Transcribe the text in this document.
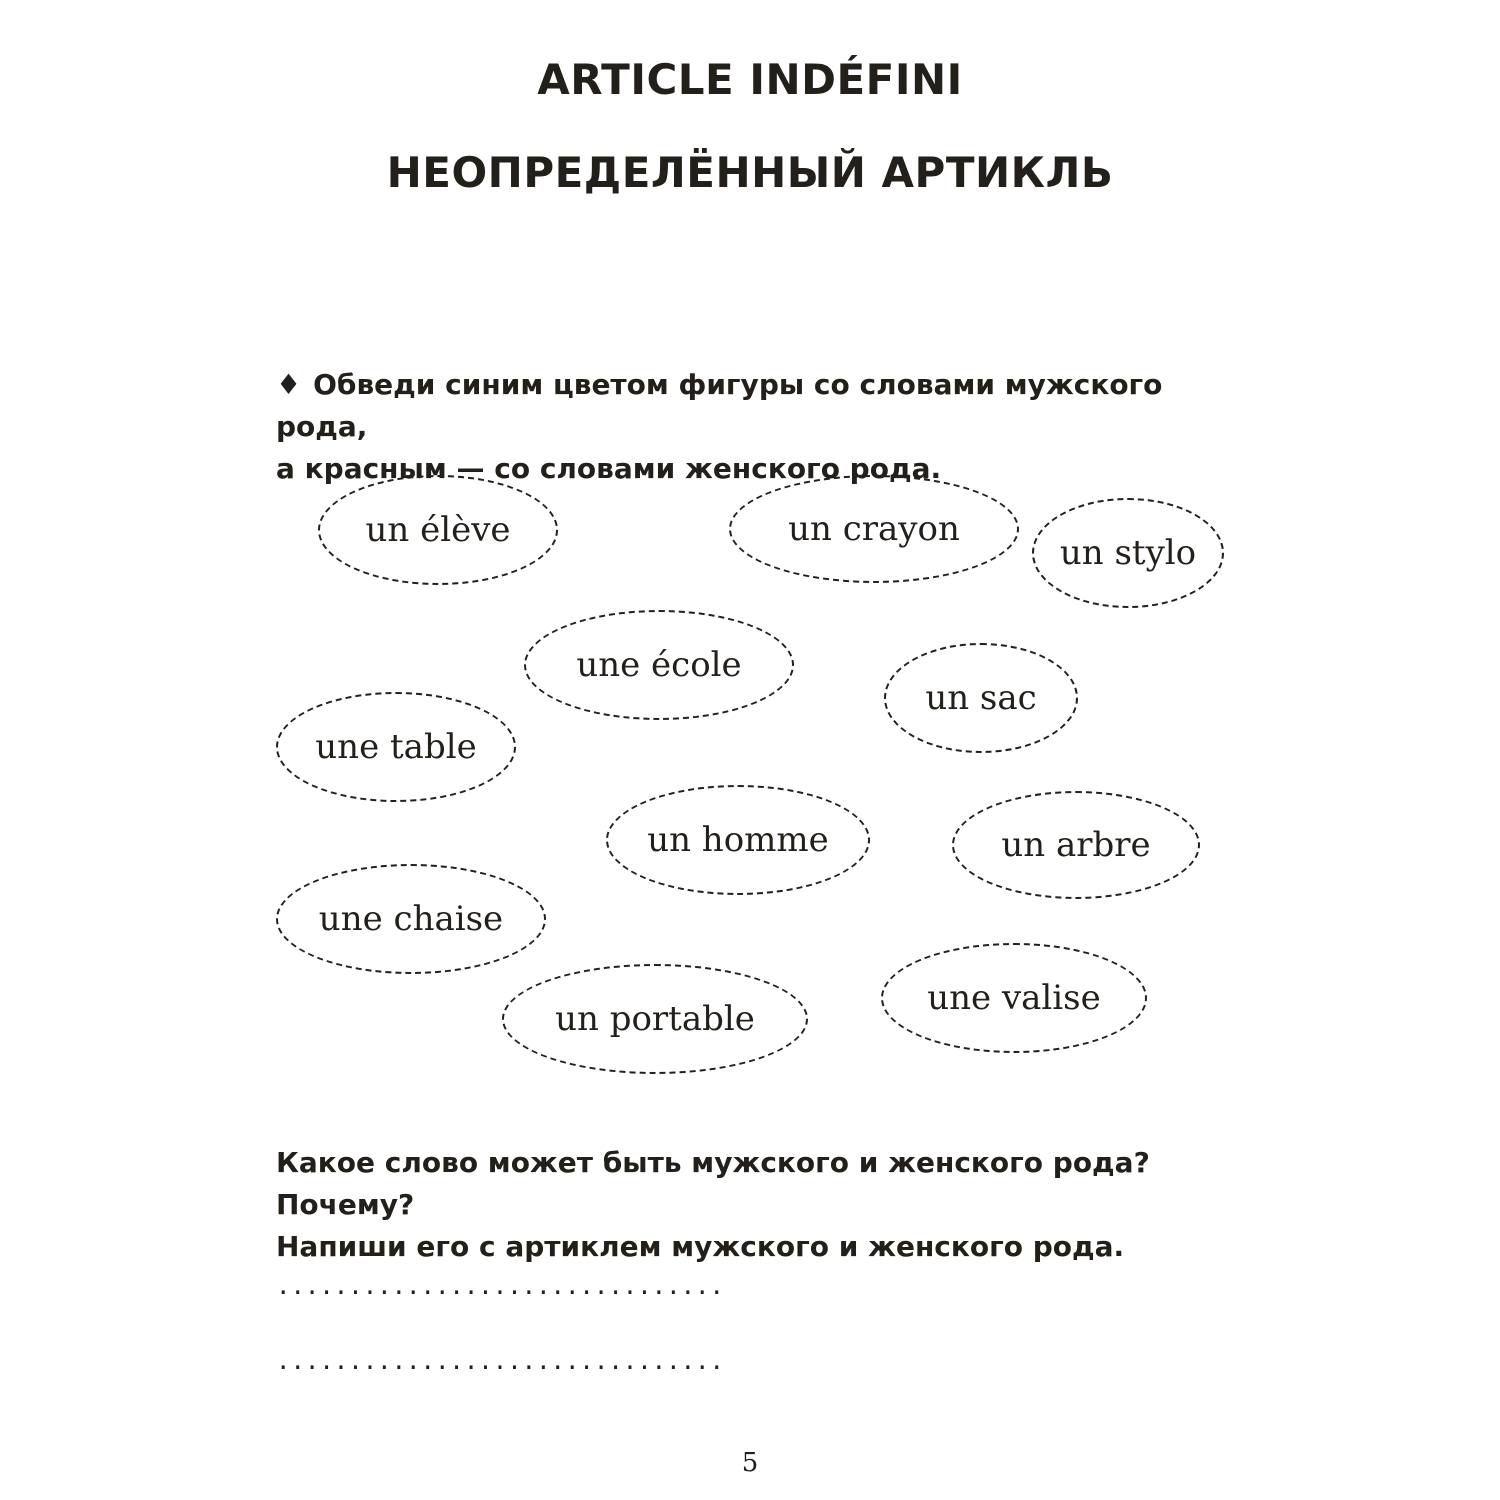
ARTICLE INDÉFINI
НЕОПРЕДЕЛЁННЫЙ АРТИКЛЬ
♦ Обведи синим цветом фигуры со словами мужского рода,
а красным — со словами женского рода.
un élève	un crayon
un stylo
une école
un sac
une table
un homme	un arbre
une chaise
une valise
un portable
Какое слово может быть мужского и женского рода? Почему?
Напиши его с артиклем мужского и женского рода.
...............................
...............................
5
